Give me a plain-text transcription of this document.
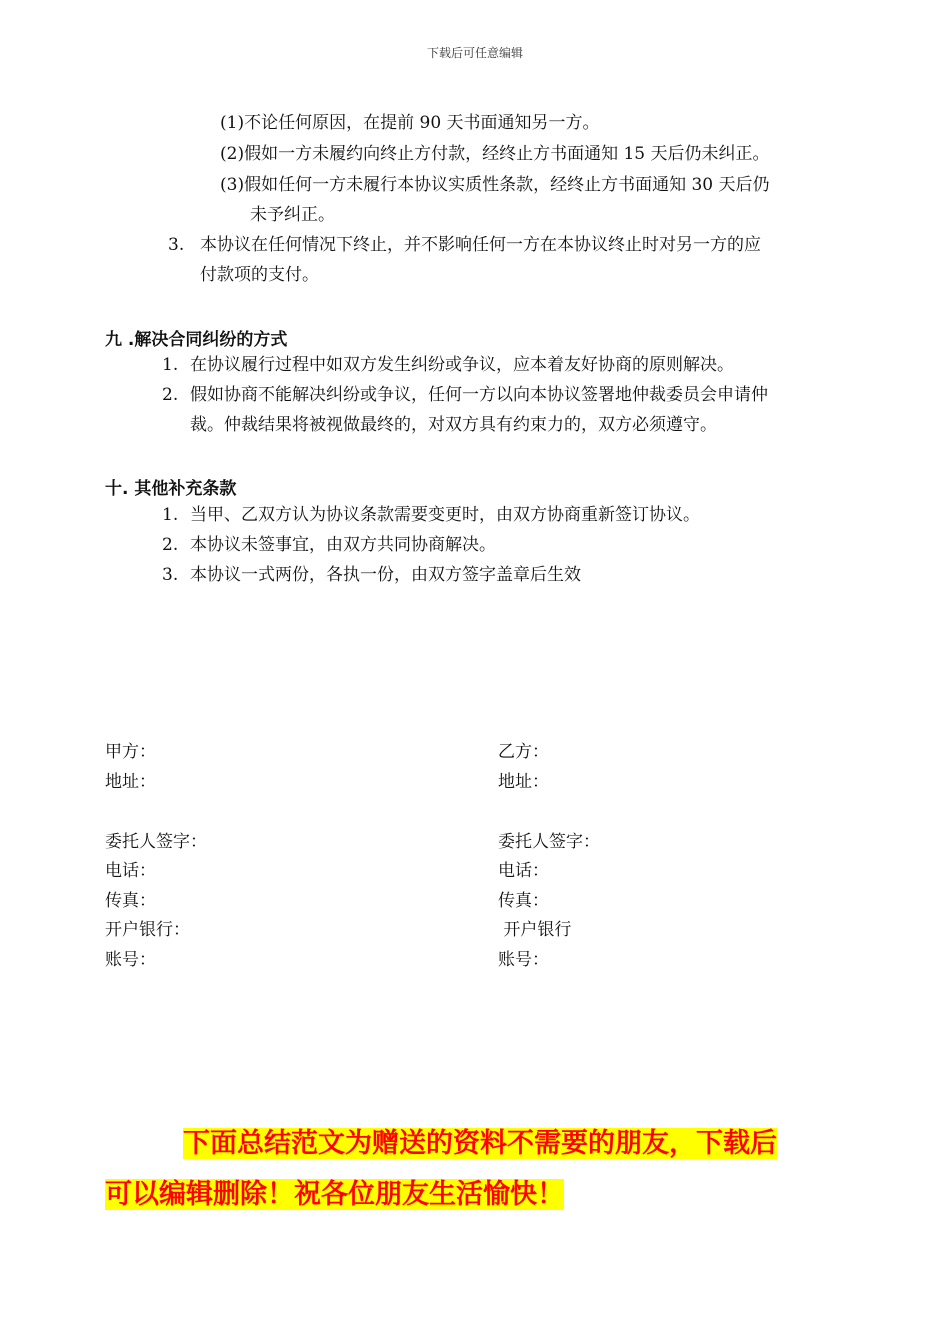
下载后可任意编辑
(1)不论任何原因，在提前 90 天书面通知另一方。
(2)假如一方未履约向终止方付款，经终止方书面通知 15 天后仍未纠正。
(3)假如任何一方未履行本协议实质性条款，经终止方书面通知 30 天后仍
未予纠正。
3. 本协议在任何情况下终止，并不影响任何一方在本协议终止时对另一方的应
付款项的支付。
九 .解决合同纠纷的方式
1. 在协议履行过程中如双方发生纠纷或争议，应本着友好协商的原则解决。
2. 假如协商不能解决纠纷或争议，任何一方以向本协议签署地仲裁委员会申请仲
裁。仲裁结果将被视做最终的，对双方具有约束力的，双方必须遵守。
十. 其他补充条款
1. 当甲、乙双方认为协议条款需要变更时，由双方协商重新签订协议。
2. 本协议未签事宜，由双方共同协商解决。
3. 本协议一式两份，各执一份，由双方签字盖章后生效
甲方：
地址：
委托人签字：
电话：
传真：
开户银行：
账号：
乙方：
地址：
委托人签字：
电话：
传真：
开户银行
账号：
下面总结范文为赠送的资料不需要的朋友，下载后
可以编辑删除！祝各位朋友生活愉快！
